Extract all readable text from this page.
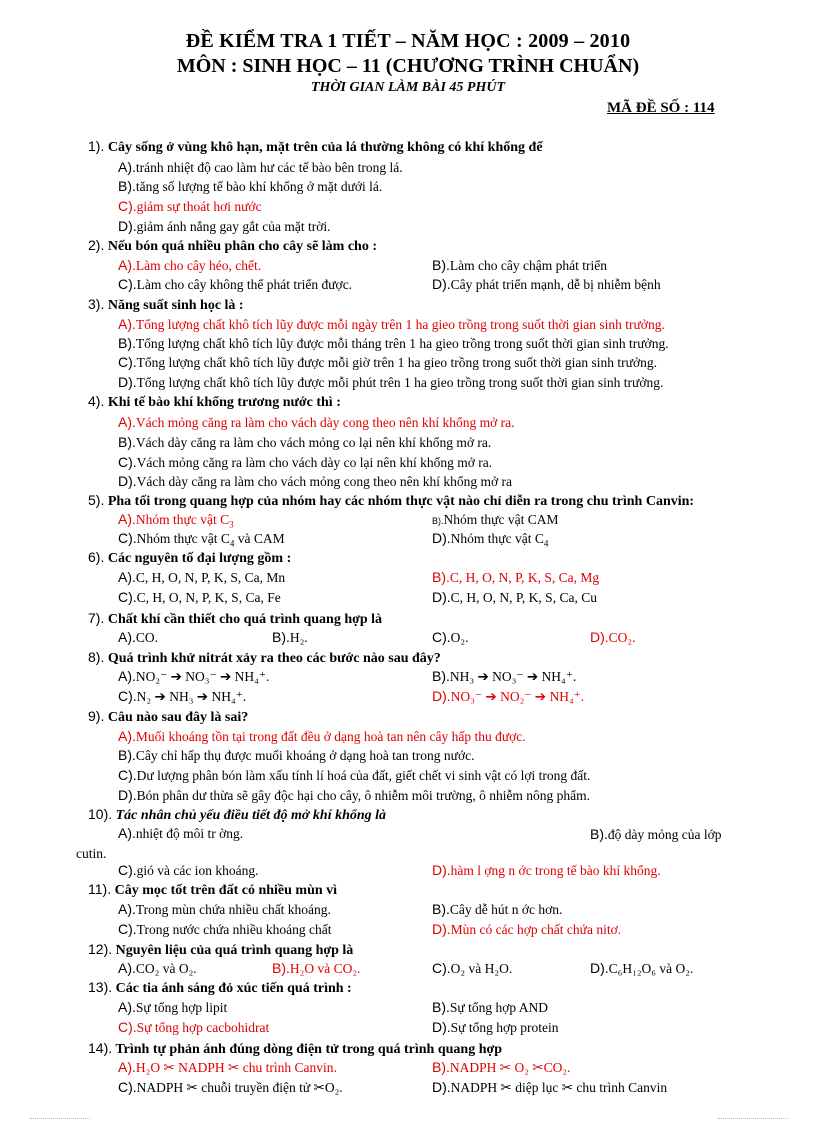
ĐỀ KIỂM TRA 1 TIẾT – NĂM HỌC : 2009 – 2010
MÔN : SINH HỌC – 11 (CHƯƠNG TRÌNH CHUẨN)
THỜI GIAN LÀM BÀI 45 PHÚT
MÃ ĐỀ SỐ : 114
1). Cây sống ở vùng khô hạn, mặt trên của lá thường không có khí khổng để
A).tránh nhiệt độ cao làm hư các tế bào bên trong lá.
B).tăng số lượng tế bào khí khổng ở mặt dưới lá.
C).giảm sự thoát hơi nước
D).giảm ánh nắng gay gắt của mặt trời.
2). Nếu bón quá nhiều phân cho cây sẽ làm cho :
A).Làm cho cây héo, chết.	B).Làm cho cây chậm phát triển
C).Làm cho cây không thể phát triển được.	D).Cây phát triển mạnh, dễ bị nhiễm bệnh
3). Năng suất sinh học là :
A).Tổng lượng chất khô tích lũy được mỗi ngày trên 1 ha gieo trồng trong suốt thời gian sinh trưởng.
B).Tổng lượng chất khô tích lũy được mỗi tháng trên 1 ha gieo trồng trong suốt thời gian sinh trưởng.
C).Tổng lượng chất khô tích lũy được mỗi giờ trên 1 ha gieo trồng trong suốt thời gian sinh trưởng.
D).Tổng lượng chất khô tích lũy được mỗi phút trên 1 ha gieo trồng trong suốt thời gian sinh trưởng.
4). Khi tế bào khí khổng trương nước thì :
A).Vách mỏng căng ra làm cho vách dày cong theo nên khí khổng mở ra.
B).Vách dày căng ra làm cho vách mỏng co lại nên khí khổng mở ra.
C).Vách mỏng căng ra làm cho vách dày co lại nên khí khổng mở ra.
D).Vách dày căng ra làm cho vách mỏng cong theo nên khí khổng mở ra
5). Pha tối trong quang hợp của nhóm hay các nhóm thực vật nào chỉ diễn ra trong chu trình Canvin:
A).Nhóm thực vật $C_3$	B).Nhóm thực vật CAM
C).Nhóm thực vật $C_4$ và CAM	D).Nhóm thực vật $C_4$
6). Các nguyên tố đại lượng gồm :
A).C, H, O, N, P, K, S, Ca, Mn	B).C, H, O, N, P, K, S, Ca, Mg
C).C, H, O, N, P, K, S, Ca, Fe	D).C, H, O, N, P, K, S, Ca, Cu
7). Chất khí cần thiết cho quá trình quang hợp là
A).CO.	B).H₂.	C).O₂.	D).CO₂.
8). Quá trình khử nitrát xảy ra theo các bước nào sau đây?
A).NO₂⁻ ➔ NO₃⁻ ➔ NH₄⁺.	B).NH₃ ➔ NO₃⁻ ➔ NH₄⁺.
C).N₂ ➔ NH₃ ➔ NH₄⁺.	D).NO₃⁻ ➔ NO₂⁻ ➔ NH₄⁺.
9). Câu nào sau đây là sai?
A).Muối khoáng tồn tại trong đất đều ở dạng hoà tan nên cây hấp thu được.
B).Cây chỉ hấp thụ được muối khoáng ở dạng hoà tan trong nước.
C).Dư lượng phân bón làm xấu tính lí hoá của đất, giết chết vi sinh vật có lợi trong đất.
D).Bón phân dư thừa sẽ gây độc hại cho cây, ô nhiễm môi trường, ô nhiễm nông phẩm.
10). Tác nhân chủ yếu điều tiết độ mở khí khổng là
A).nhiệt độ môi tr ờng.	B).độ dày mỏng của lớp
cutin.
C).gió và các ion khoáng.	D).hàm l ợng n ớc trong tế bào khí khổng.
11). Cây mọc tốt trên đất có nhiều mùn vì
A).Trong mùn chứa nhiều chất khoáng.	B).Cây dễ hút n ớc hơn.
C).Trong nước chứa nhiều khoáng chất	D).Mùn có các hợp chất chứa nitơ.
12). Nguyên liệu của quá trình quang hợp là
A).CO₂ và O₂.	B).H₂O và CO₂.	C).O₂ và H₂O.	D).C₆H₁₂O₆ và O₂.
13). Các tia ánh sáng đỏ xúc tiến quá trình :
A).Sự tổng hợp lipit	B).Sự tổng hợp AND
C).Sự tổng hợp cacbohidrat	D).Sự tổng hợp protein
14). Trình tự phản ánh đúng dòng điện tử trong quá trình quang hợp
A).H₂O ✂ NADPH ✂ chu trình Canvin.	B).NADPH ✂ O₂ ✂CO₂.
C).NADPH ✂ chuỗi truyền điện tử ✂O₂.	D).NADPH ✂ diệp lục ✂ chu trình Canvin
